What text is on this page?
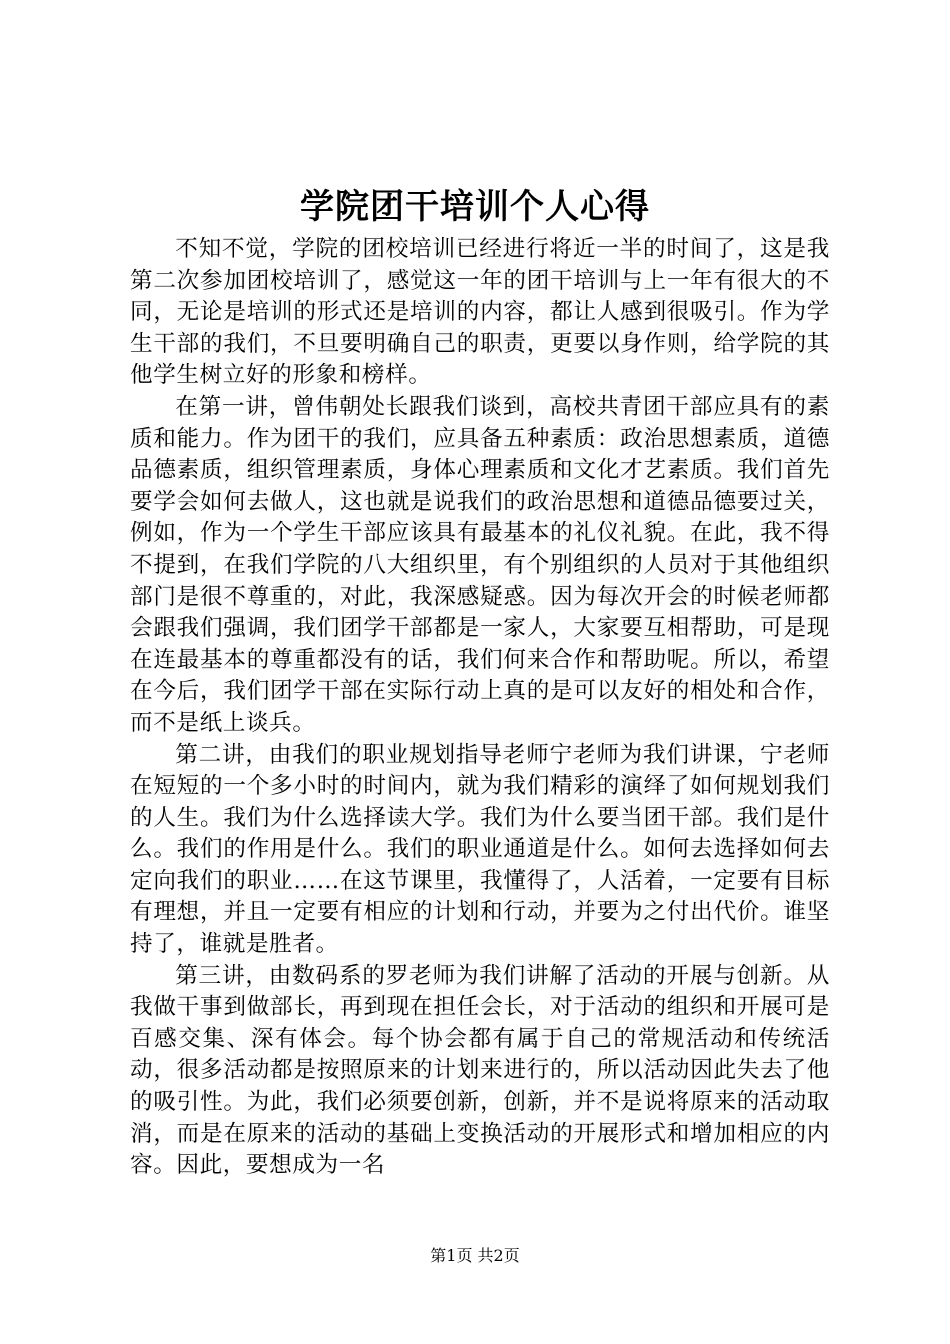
学院团干培训个人心得

不知不觉，学院的团校培训已经进行将近一半的时间了，这是我第二次参加团校培训了，感觉这一年的团干培训与上一年有很大的不同，无论是培训的形式还是培训的内容，都让人感到很吸引。作为学生干部的我们，不旦要明确自己的职责，更要以身作则，给学院的其他学生树立好的形象和榜样。

在第一讲，曾伟朝处长跟我们谈到，高校共青团干部应具有的素质和能力。作为团干的我们，应具备五种素质：政治思想素质，道德品德素质，组织管理素质，身体心理素质和文化才艺素质。我们首先要学会如何去做人，这也就是说我们的政治思想和道德品德要过关，例如，作为一个学生干部应该具有最基本的礼仪礼貌。在此，我不得不提到，在我们学院的八大组织里，有个别组织的人员对于其他组织部门是很不尊重的，对此，我深感疑惑。因为每次开会的时候老师都会跟我们强调，我们团学干部都是一家人，大家要互相帮助，可是现在连最基本的尊重都没有的话，我们何来合作和帮助呢。所以，希望在今后，我们团学干部在实际行动上真的是可以友好的相处和合作，而不是纸上谈兵。

第二讲，由我们的职业规划指导老师宁老师为我们讲课，宁老师在短短的一个多小时的时间内，就为我们精彩的演绎了如何规划我们的人生。我们为什么选择读大学。我们为什么要当团干部。我们是什么。我们的作用是什么。我们的职业通道是什么。如何去选择如何去定向我们的职业……在这节课里，我懂得了，人活着，一定要有目标有理想，并且一定要有相应的计划和行动，并要为之付出代价。谁坚持了，谁就是胜者。

第三讲，由数码系的罗老师为我们讲解了活动的开展与创新。从我做干事到做部长，再到现在担任会长，对于活动的组织和开展可是百感交集、深有体会。每个协会都有属于自己的常规活动和传统活动，很多活动都是按照原来的计划来进行的，所以活动因此失去了他的吸引性。为此，我们必须要创新，创新，并不是说将原来的活动取消，而是在原来的活动的基础上变换活动的开展形式和增加相应的内容。因此，要想成为一名

第1页 共2页
